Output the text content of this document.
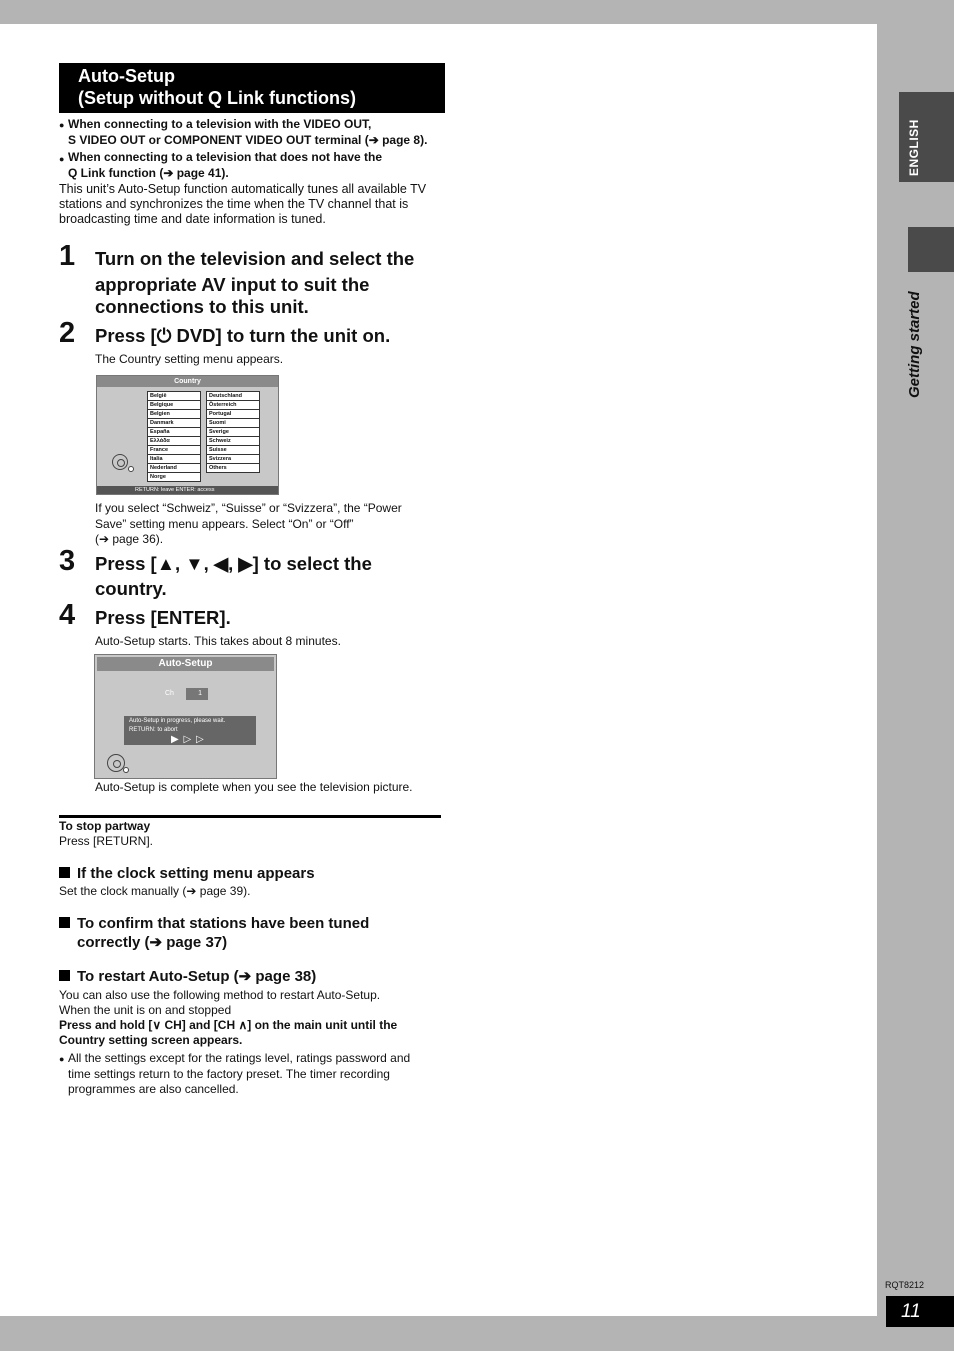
ENGLISH
Getting started
RQT8212
11
Auto-Setup
(Setup without Q Link functions)
● When connecting to a television with the VIDEO OUT,
S VIDEO OUT or COMPONENT VIDEO OUT terminal (➔ page 8).
● When connecting to a television that does not have the
Q Link function (➔ page 41).
This unit’s Auto-Setup function automatically tunes all available TV
stations and synchronizes the time when the TV channel that is
broadcasting time and date information is tuned.
1 Turn on the television and select the
appropriate AV input to suit the
connections to this unit.
2 Press [⏻ DVD] to turn the unit on.
The Country setting menu appears.
Country
België
Belgique
Belgien
Danmark
España
Ελλάδα
France
Italia
Nederland
Norge
Deutschland
Österreich
Portugal
Suomi
Sverige
Schweiz
Suisse
Svizzera
Others
RETURN: leave ENTER: access
If you select “Schweiz”, “Suisse” or “Svizzera”, the “Power
Save” setting menu appears. Select “On” or “Off”
(➔ page 36).
3 Press [▲, ▼, ◀, ▶] to select the
country.
4 Press [ENTER].
Auto-Setup starts. This takes about 8 minutes.
Auto-Setup
Ch	1
Auto-Setup in progress, please wait.
RETURN: to abort
▶ ▷ ▷
Auto-Setup is complete when you see the television picture.
To stop partway
Press [RETURN].
If the clock setting menu appears
Set the clock manually (➔ page 39).
To confirm that stations have been tuned
correctly (➔ page 37)
To restart Auto-Setup (➔ page 38)
You can also use the following method to restart Auto-Setup.
When the unit is on and stopped
Press and hold [∨ CH] and [CH ∧] on the main unit until the
Country setting screen appears.
● All the settings except for the ratings level, ratings password and
time settings return to the factory preset. The timer recording
programmes are also cancelled.
